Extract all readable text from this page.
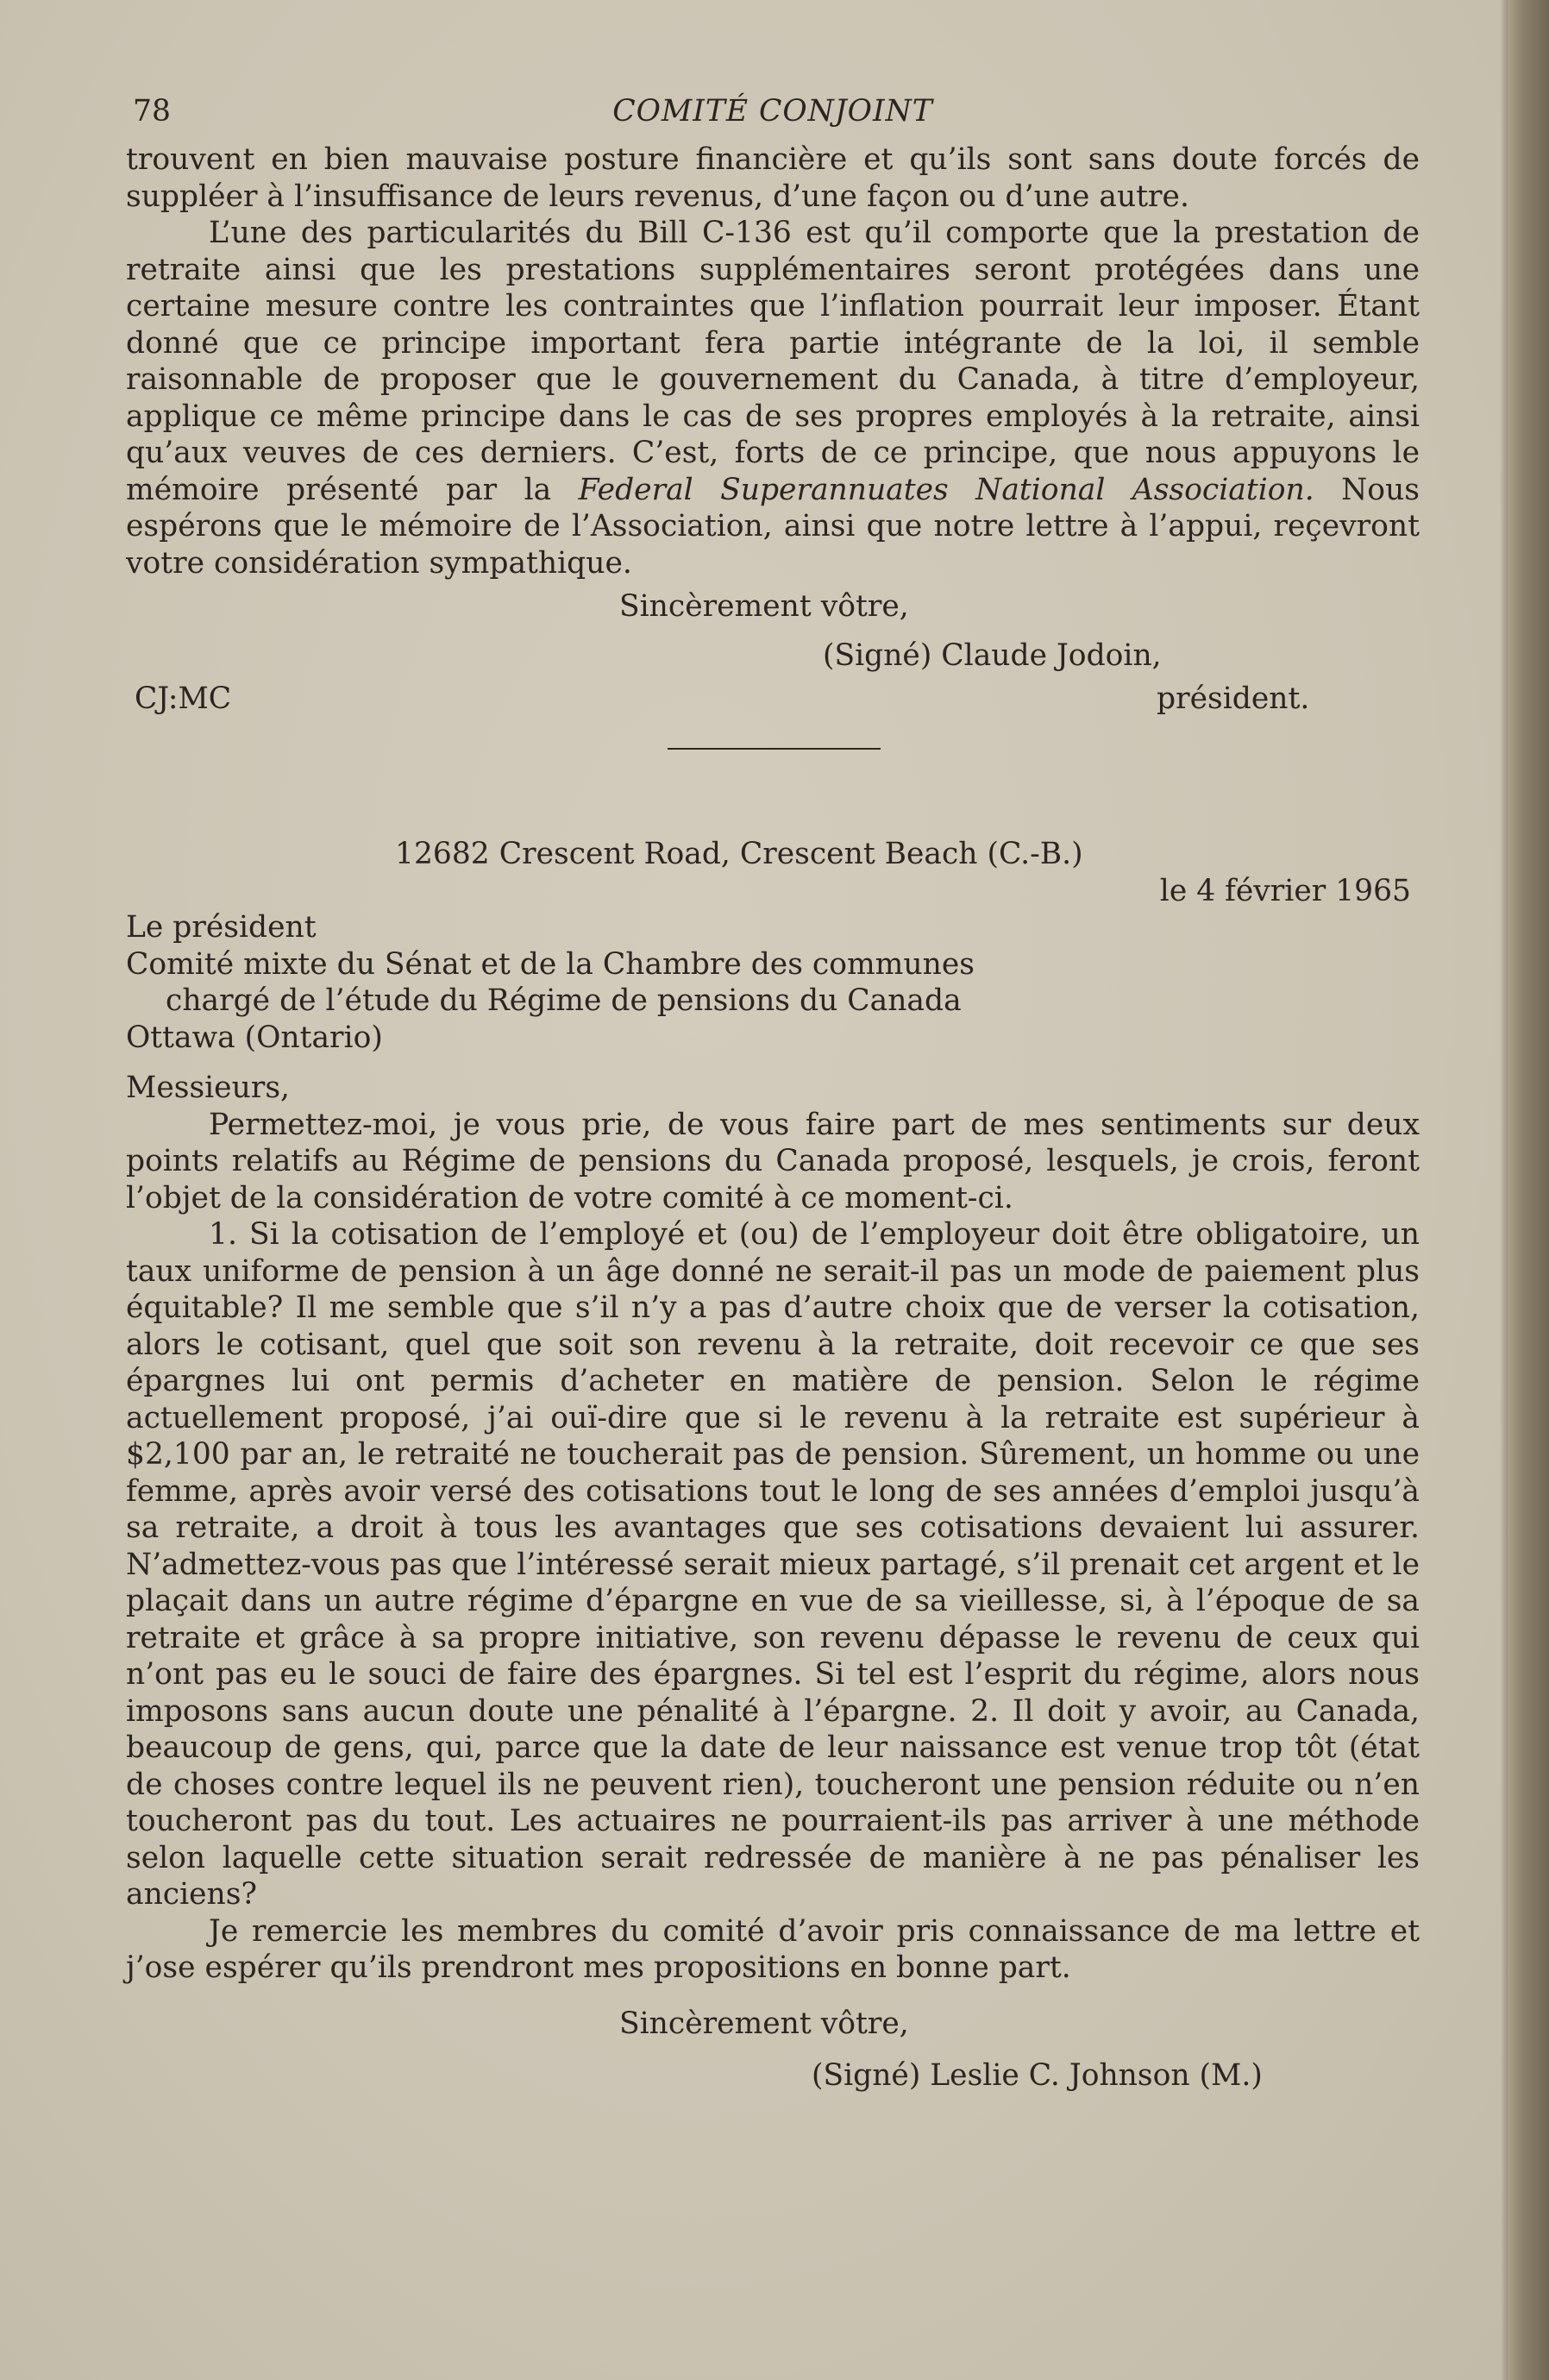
78	COMITÉ CONJOINT

trouvent en bien mauvaise posture financière et qu’ils sont sans doute forcés de suppléer à l’insuffisance de leurs revenus, d’une façon ou d’une autre.

L’une des particularités du Bill C-136 est qu’il comporte que la prestation de retraite ainsi que les prestations supplémentaires seront protégées dans une certaine mesure contre les contraintes que l’inflation pourrait leur imposer. Étant donné que ce principe important fera partie intégrante de la loi, il semble raisonnable de proposer que le gouvernement du Canada, à titre d’employeur, applique ce même principe dans le cas de ses propres employés à la retraite, ainsi qu’aux veuves de ces derniers. C’est, forts de ce principe, que nous appuyons le mémoire présenté par la Federal Superannuates National Association. Nous espérons que le mémoire de l’Association, ainsi que notre lettre à l’appui, reçevront votre considération sympathique.

Sincèrement vôtre,

(Signé) Claude Jodoin,

CJ:MC	président.

12682 Crescent Road, Crescent Beach (C.-B.)

le 4 février 1965

Le président

Comité mixte du Sénat et de la Chambre des communes

chargé de l’étude du Régime de pensions du Canada

Ottawa (Ontario)

Messieurs,

Permettez-moi, je vous prie, de vous faire part de mes sentiments sur deux points relatifs au Régime de pensions du Canada proposé, lesquels, je crois, feront l’objet de la considération de votre comité à ce moment-ci.

1. Si la cotisation de l’employé et (ou) de l’employeur doit être obligatoire, un taux uniforme de pension à un âge donné ne serait-il pas un mode de paiement plus équitable? Il me semble que s’il n’y a pas d’autre choix que de verser la cotisation, alors le cotisant, quel que soit son revenu à la retraite, doit recevoir ce que ses épargnes lui ont permis d’acheter en matière de pension. Selon le régime actuellement proposé, j’ai ouï-dire que si le revenu à la retraite est supérieur à $2,100 par an, le retraité ne toucherait pas de pension. Sûrement, un homme ou une femme, après avoir versé des cotisations tout le long de ses années d’emploi jusqu’à sa retraite, a droit à tous les avantages que ses cotisations devaient lui assurer. N’admettez-vous pas que l’intéressé serait mieux partagé, s’il prenait cet argent et le plaçait dans un autre régime d’épargne en vue de sa vieillesse, si, à l’époque de sa retraite et grâce à sa propre initiative, son revenu dépasse le revenu de ceux qui n’ont pas eu le souci de faire des épargnes. Si tel est l’esprit du régime, alors nous imposons sans aucun doute une pénalité à l’épargne. 2. Il doit y avoir, au Canada, beaucoup de gens, qui, parce que la date de leur naissance est venue trop tôt (état de choses contre lequel ils ne peuvent rien), toucheront une pension réduite ou n’en toucheront pas du tout. Les actuaires ne pourraient-ils pas arriver à une méthode selon laquelle cette situation serait redressée de manière à ne pas pénaliser les anciens?

Je remercie les membres du comité d’avoir pris connaissance de ma lettre et j’ose espérer qu’ils prendront mes propositions en bonne part.

Sincèrement vôtre,

(Signé) Leslie C. Johnson (M.)
